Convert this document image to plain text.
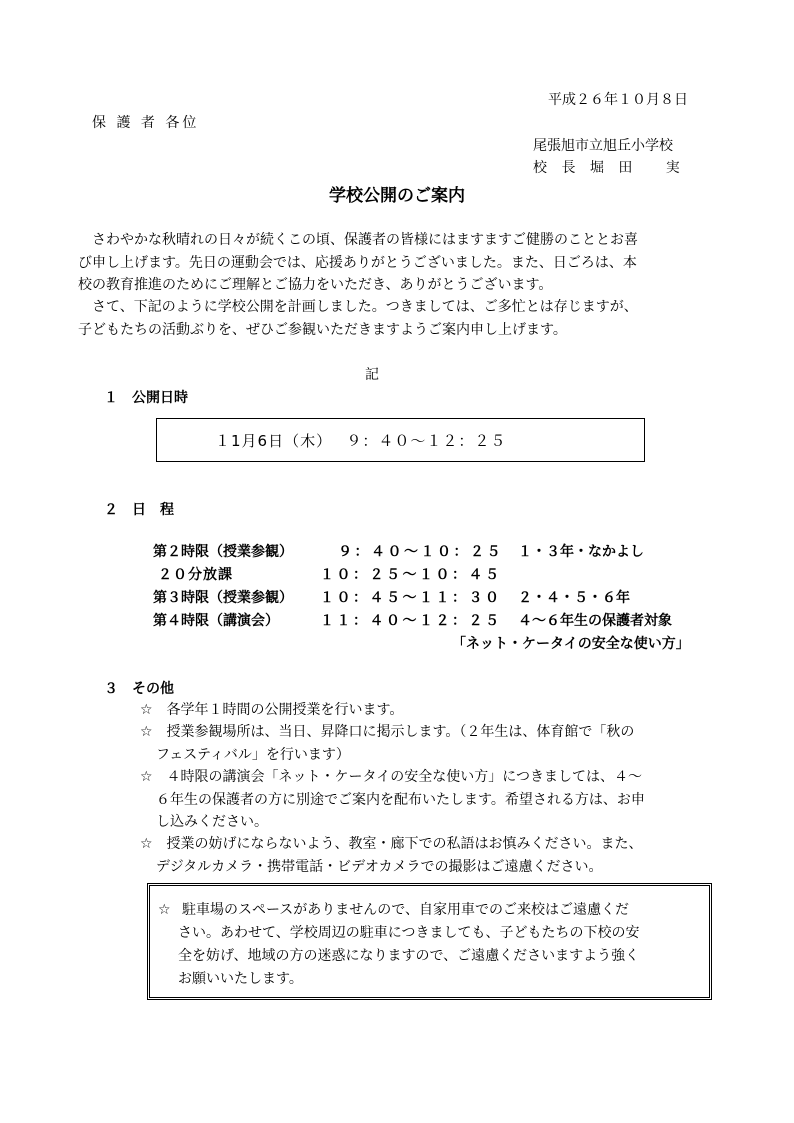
平成２６年１０月８日
保 護 者 各位
尾張旭市立旭丘小学校
校 長 堀 田　 実
学校公開のご案内
　さわやかな秋晴れの日々が続くこの頃、保護者の皆様にはますますご健勝のこととお喜
び申し上げます。先日の運動会では、応援ありがとうございました。また、日ごろは、本
校の教育推進のためにご理解とご協力をいただき、ありがとうございます。
　さて、下記のように学校公開を計画しました。つきましては、ご多忙とは存じますが、
子どもたちの活動ぶりを、ぜひご参観いただきますようご案内申し上げます。
記
１　公開日時
１1月6日（木）　 ９：４０～１２：２５
２　日　程
第２時限（授業参観）	９：４０～１０：２５ １・３年・なかよし
２０分放課	１０：２５～１０：４５
第３時限（授業参観） １０：４５～１１：３０ ２・４・５・６年
第４時限（講演会）	１１：４０～１２：２５ ４～６年生の保護者対象
「ネット・ケータイの安全な使い方」
３　その他
☆　各学年１時間の公開授業を行います。
☆　授業参観場所は、当日、昇降口に掲示します。（２年生は、体育館で「秋の
フェスティバル」を行います）
☆　４時限の講演会「ネット・ケータイの安全な使い方」につきましては、４～
６年生の保護者の方に別途でご案内を配布いたします。希望される方は、お申
し込みください。
☆　授業の妨げにならないよう、教室・廊下での私語はお慎みください。また、
デジタルカメラ・携帯電話・ビデオカメラでの撮影はご遠慮ください。
☆ 駐車場のスペースがありませんので、自家用車でのご来校はご遠慮くだ
さい。あわせて、学校周辺の駐車につきましても、子どもたちの下校の安
全を妨げ、地域の方の迷惑になりますので、ご遠慮くださいますよう強く
お願いいたします。
